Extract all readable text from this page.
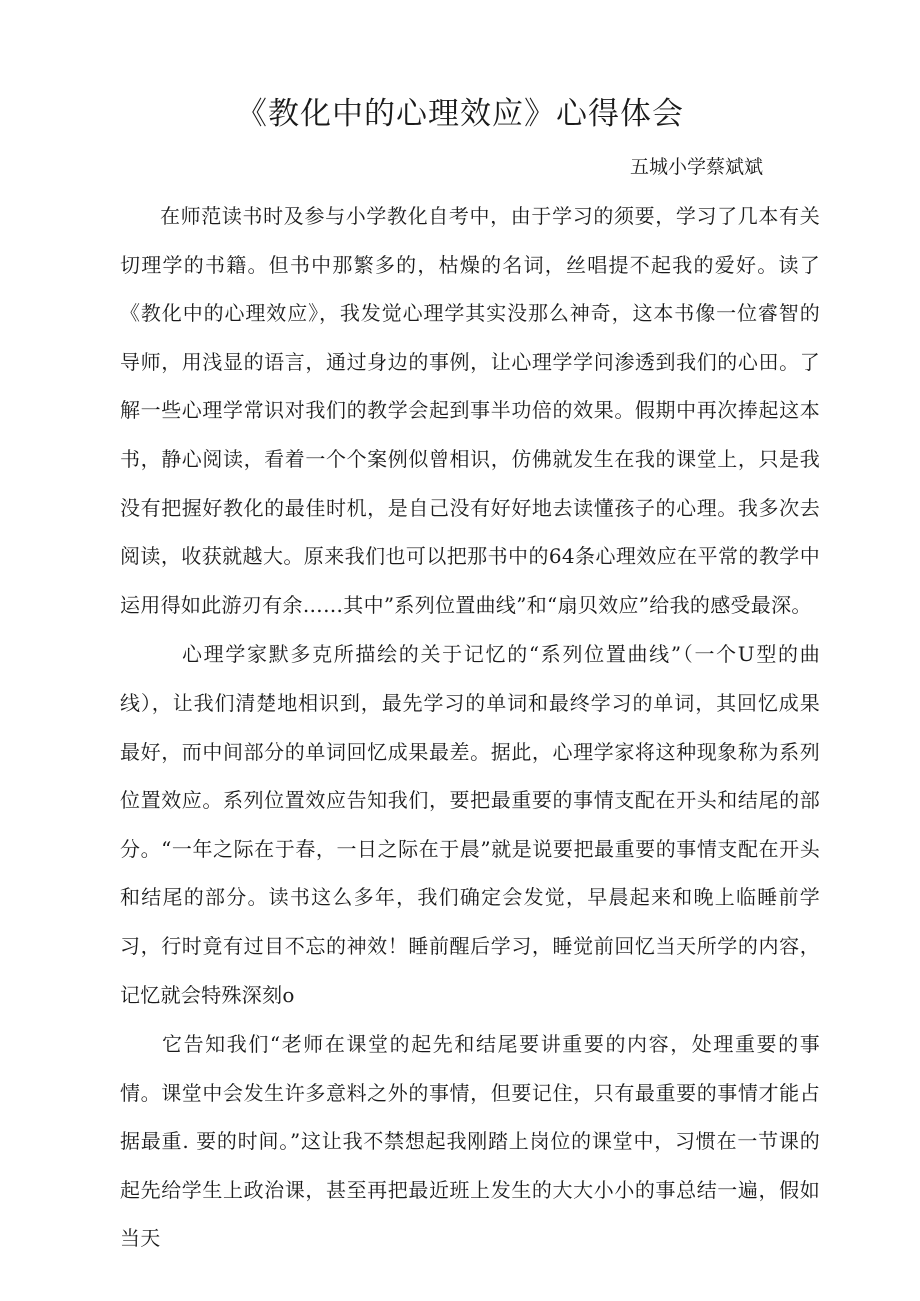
《教化中的心理效应》心得体会

五城小学蔡斌斌

在师范读书时及参与小学教化自考中，由于学习的须要，学习了几本有关切理学的书籍。但书中那繁多的，枯燥的名词，丝唱提不起我的爱好。读了《教化中的心理效应》，我发觉心理学其实没那么神奇，这本书像一位睿智的导师，用浅显的语言，通过身边的事例，让心理学学问渗透到我们的心田。了解一些心理学常识对我们的教学会起到事半功倍的效果。假期中再次捧起这本书，静心阅读，看着一个个案例似曾相识，仿佛就发生在我的课堂上，只是我没有把握好教化的最佳时机，是自己没有好好地去读懂孩子的心理。我多次去阅读，收获就越大。原来我们也可以把那书中的64条心理效应在平常的教学中运用得如此游刃有余……其中”系列位置曲线”和“扇贝效应”给我的感受最深。

心理学家默多克所描绘的关于记忆的“系列位置曲线”（一个U型的曲线），让我们清楚地相识到，最先学习的单词和最终学习的单词，其回忆成果最好，而中间部分的单词回忆成果最差。据此，心理学家将这种现象称为系列位置效应。系列位置效应告知我们，要把最重要的事情支配在开头和结尾的部分。“一年之际在于春，一日之际在于晨”就是说要把最重要的事情支配在开头和结尾的部分。读书这么多年，我们确定会发觉，早晨起来和晚上临睡前学习，行时竟有过目不忘的神效！睡前醒后学习，睡觉前回忆当天所学的内容，记忆就会特殊深刻o

它告知我们“老师在课堂的起先和结尾要讲重要的内容，处理重要的事情。课堂中会发生许多意料之外的事情，但要记住，只有最重要的事情才能占据最重. 要的时间。”这让我不禁想起我刚踏上岗位的课堂中，习惯在一节课的起先给学生上政治课，甚至再把最近班上发生的大大小小的事总结一遍，假如当天
